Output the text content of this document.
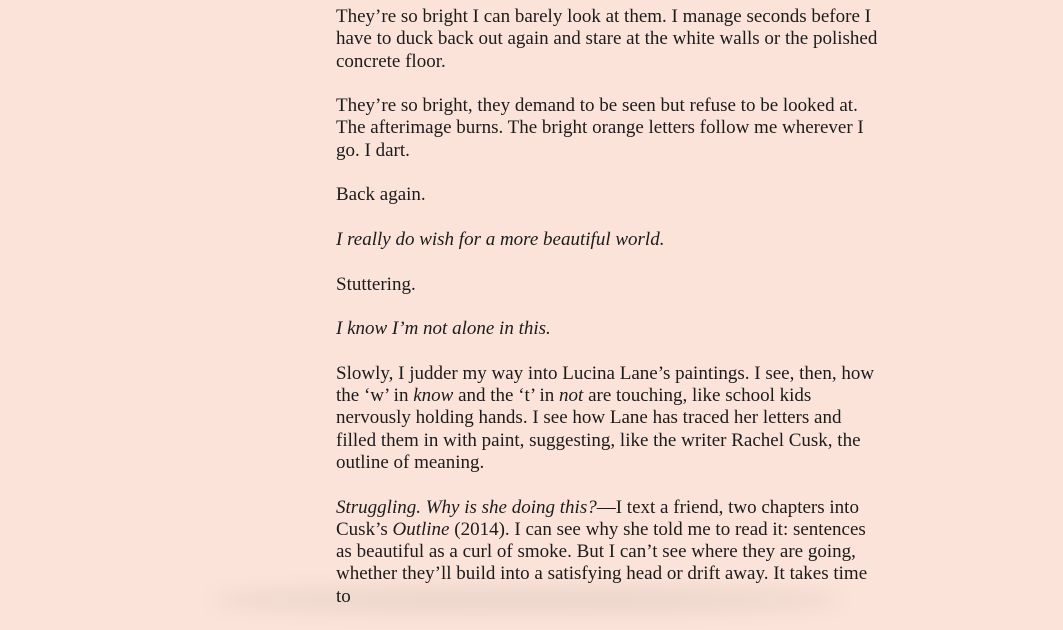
They’re so bright I can barely look at them. I manage seconds before I have to duck back out again and stare at the white walls or the polished concrete floor.

They’re so bright, they demand to be seen but refuse to be looked at. The afterimage burns. The bright orange letters follow me wherever I go. I dart.

Back again.

I really do wish for a more beautiful world.

Stuttering.

I know I’m not alone in this.

Slowly, I judder my way into Lucina Lane’s paintings. I see, then, how the ‘w’ in know and the ‘t’ in not are touching, like school kids nervously holding hands. I see how Lane has traced her letters and filled them in with paint, suggesting, like the writer Rachel Cusk, the outline of meaning.

Struggling. Why is she doing this?—I text a friend, two chapters into Cusk’s Outline (2014). I can see why she told me to read it: sentences as beautiful as a curl of smoke. But I can’t see where they are going, whether they’ll build into a satisfying head or drift away. It takes time to
